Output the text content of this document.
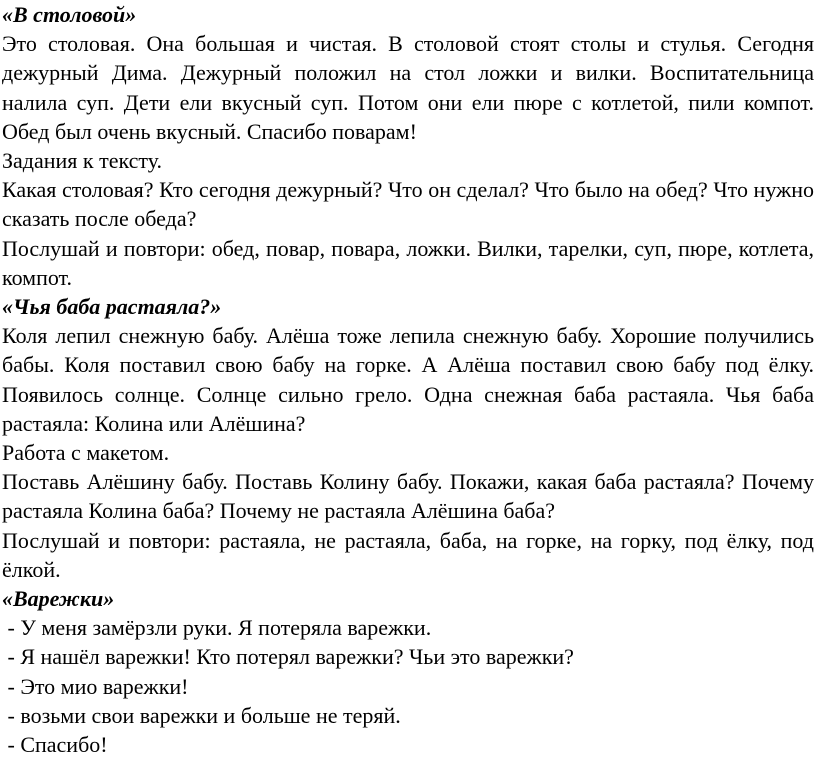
«В столовой»

Это столовая. Она большая и чистая. В столовой стоят столы и стулья. Сегодня дежурный Дима. Дежурный положил на стол ложки и вилки. Воспитательница налила суп. Дети ели вкусный суп. Потом они ели пюре с котлетой, пили компот. Обед был очень вкусный. Спасибо поварам!

Задания к тексту.

Какая столовая? Кто сегодня дежурный? Что он сделал? Что было на обед? Что нужно сказать после обеда?

Послушай и повтори: обед, повар, повара, ложки. Вилки, тарелки, суп, пюре, котлета, компот.

«Чья баба растаяла?»

Коля лепил снежную бабу. Алёша тоже лепила снежную бабу. Хорошие получились бабы. Коля поставил свою бабу на горке. А Алёша поставил свою бабу под ёлку. Появилось солнце. Солнце сильно грело. Одна снежная баба растаяла. Чья баба растаяла: Колина или Алёшина?

Работа с макетом.

Поставь Алёшину бабу. Поставь Колину бабу. Покажи, какая баба растаяла? Почему растаяла Колина баба? Почему не растаяла Алёшина баба?

Послушай и повтори: растаяла, не растаяла, баба, на горке, на горку, под ёлку, под ёлкой.

«Варежки»

- У меня замёрзли руки. Я потеряла варежки.

- Я нашёл варежки! Кто потерял варежки? Чьи это варежки?

- Это мио варежки!

- возьми свои варежки и больше не теряй.

- Спасибо!
